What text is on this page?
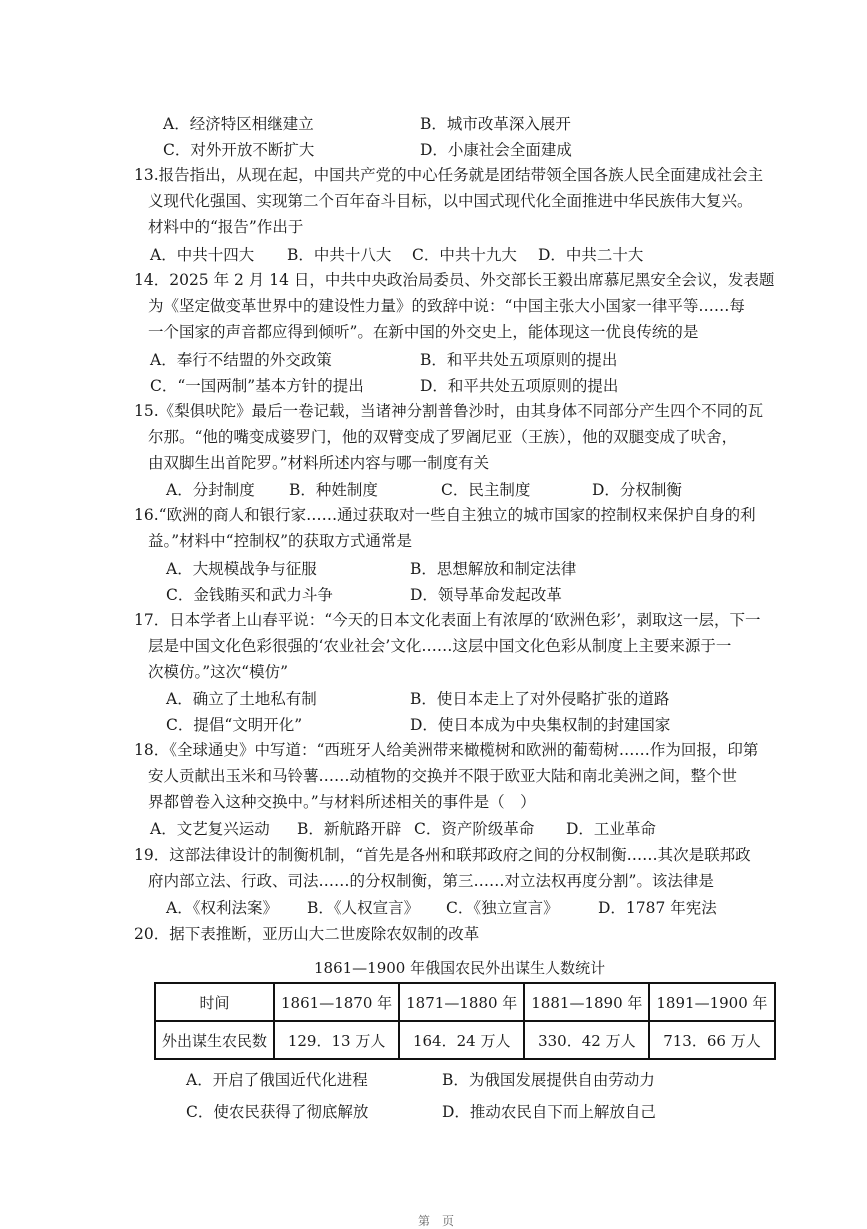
A．经济特区相继建立	B．城市改革深入展开
C．对外开放不断扩大	D．小康社会全面建成
13.报告指出，从现在起，中国共产党的中心任务就是团结带领全国各族人民全面建成社会主
义现代化强国、实现第二个百年奋斗目标，以中国式现代化全面推进中华民族伟大复兴。
材料中的“报告”作出于
A．中共十四大 B．中共十八大 C．中共十九大 D．中共二十大
14．2025 年 2 月 14 日，中共中央政治局委员、外交部长王毅出席慕尼黑安全会议，发表题
为《坚定做变革世界中的建设性力量》的致辞中说：“中国主张大小国家一律平等……每
一个国家的声音都应得到倾听”。在新中国的外交史上，能体现这一优良传统的是
A．奉行不结盟的外交政策	B．和平共处五项原则的提出
C．“一国两制”基本方针的提出	D．和平共处五项原则的提出
15.《梨俱吠陀》最后一卷记载，当诸神分割普鲁沙时，由其身体不同部分产生四个不同的瓦
尔那。“他的嘴变成婆罗门，他的双臂变成了罗阇尼亚（王族），他的双腿变成了吠舍，
由双脚生出首陀罗。”材料所述内容与哪一制度有关
A．分封制度 B．种姓制度	C．民主制度	D．分权制衡
16.“欧洲的商人和银行家……通过获取对一些自主独立的城市国家的控制权来保护自身的利
益。”材料中“控制权”的获取方式通常是
A．大规模战争与征服	B．思想解放和制定法律
C．金钱賄买和武力斗争	D．领导革命发起改革
17．日本学者上山春平说：“今天的日本文化表面上有浓厚的‘欧洲色彩’，剥取这一层，下一
层是中国文化色彩很强的‘农业社会’文化……这层中国文化色彩从制度上主要来源于一
次模仿。”这次“模仿”
A．确立了土地私有制	B．使日本走上了对外侵略扩张的道路
C．提倡“文明开化”	D．使日本成为中央集权制的封建国家
18．《全球通史》中写道：“西班牙人给美洲带来橄榄树和欧洲的葡萄树……作为回报，印第
安人贡献出玉米和马铃薯……动植物的交换并不限于欧亚大陆和南北美洲之间，整个世
界都曾卷入这种交换中。”与材料所述相关的事件是（　）
A．文艺复兴运动 B．新航路开辟 C．资产阶级革命 D．工业革命
19．这部法律设计的制衡机制，“首先是各州和联邦政府之间的分权制衡……其次是联邦政
府内部立法、行政、司法……的分权制衡，第三……对立法权再度分割”。该法律是
A．《权利法案》 B．《人权宣言》 C．《独立宣言》	D．1787 年宪法
20．据下表推断，亚历山大二世废除农奴制的改革
1861—1900 年俄国农民外出谋生人数统计
时间	1861—1870 年	1871—1880 年	1881—1890 年	1891—1900 年
外出谋生农民数	129．13 万人	164．24 万人	330．42 万人	713．66 万人
A．开启了俄国近代化进程	B．为俄国发展提供自由劳动力
C．使农民获得了彻底解放	D．推动农民自下而上解放自己
第　页
